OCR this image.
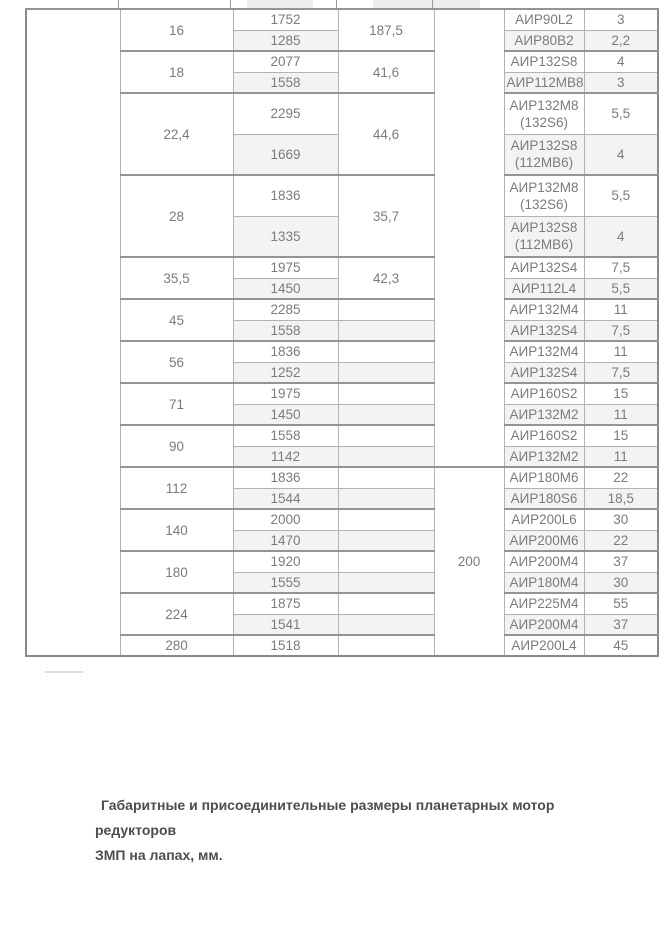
	16	1752	187,5		АИР90L2	3
		1285			АИР80В2	2,2
	18	2077	41,6		АИР132S8	4
		1558			АИР112МВ8	3
	22,4	2295	44,6		АИР132М8(132S6)	5,5
		1669			АИР132S8(112МВ6)	4
	28	1836	35,7		АИР132М8(132S6)	5,5
		1335			АИР132S8(112МВ6)	4
	35,5	1975	42,3		АИР132S4	7,5
		1450			АИР112L4	5,5
	45	2285			АИР132М4	11
		1558			АИР132S4	7,5
	56	1836			АИР132М4	11
		1252			АИР132S4	7,5
	71	1975			АИР160S2	15
		1450			АИР132М2	11
	90	1558			АИР160S2	15
		1142			АИР132М2	11
	112	1836		200	АИР180М6	22
		1544			АИР180S6	18,5
	140	2000			АИР200L6	30
		1470			АИР200М6	22
	180	1920			АИР200М4	37
		1555			АИР180М4	30
	224	1875			АИР225М4	55
		1541			АИР200М4	37
	280	1518			АИР200L4	45
Габаритные и присоединительные размеры планетарных мотор редукторов
ЗМП на лапах, мм.
